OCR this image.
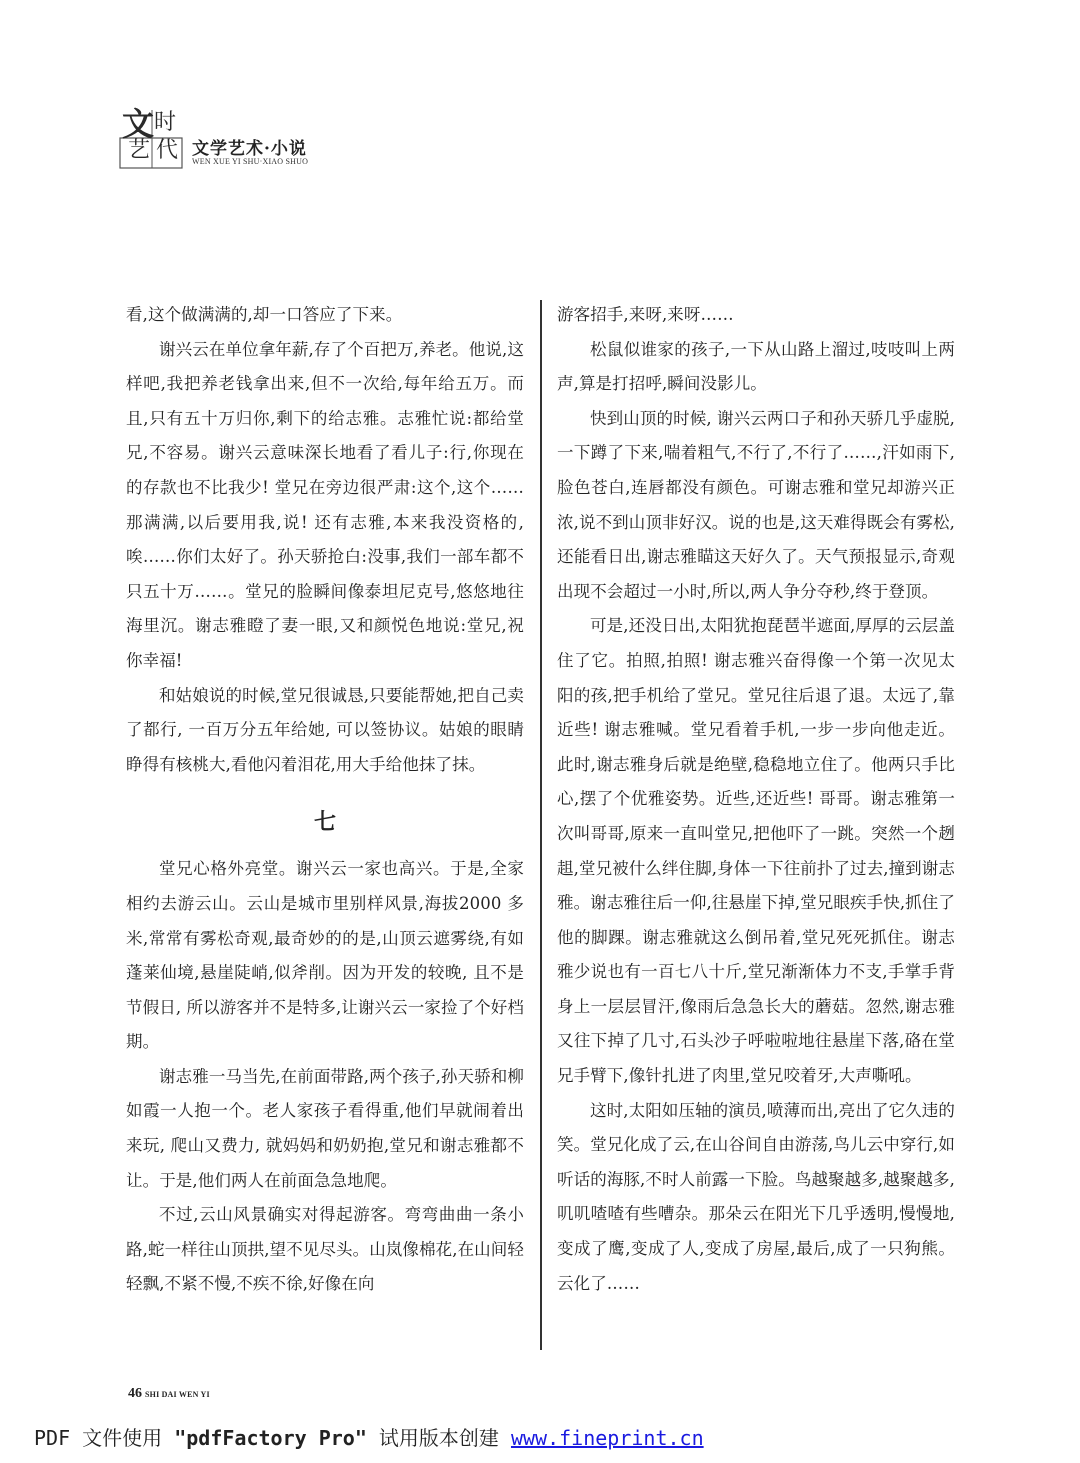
文 时
艺 代 文学艺术·小说
WEN XUE YI SHU·XIAO SHUO

看,这个做满满的,却一口答应了下来。

谢兴云在单位拿年薪,存了个百把万,养老。他说,这样吧,我把养老钱拿出来,但不一次给,每年给五万。而且,只有五十万归你,剩下的给志雅。志雅忙说:都给堂兄,不容易。谢兴云意味深长地看了看儿子:行,你现在的存款也不比我少! 堂兄在旁边很严肃:这个,这个……那满满,以后要用我,说! 还有志雅,本来我没资格的,唉……你们太好了。孙天骄抢白:没事,我们一部车都不只五十万……。堂兄的脸瞬间像泰坦尼克号,悠悠地往海里沉。谢志雅瞪了妻一眼,又和颜悦色地说:堂兄,祝你幸福!

和姑娘说的时候,堂兄很诚恳,只要能帮她,把自己卖了都行, 一百万分五年给她, 可以签协议。姑娘的眼睛睁得有核桃大,看他闪着泪花,用大手给他抹了抹。

七

堂兄心格外亮堂。谢兴云一家也高兴。于是,全家相约去游云山。云山是城市里别样风景,海拔2000 多米,常常有雾松奇观,最奇妙的的是,山顶云遮雾绕,有如蓬莱仙境,悬崖陡峭,似斧削。因为开发的较晚, 且不是节假日, 所以游客并不是特多,让谢兴云一家捡了个好档期。

谢志雅一马当先,在前面带路,两个孩子,孙天骄和柳如霞一人抱一个。老人家孩子看得重,他们早就闹着出来玩, 爬山又费力, 就妈妈和奶奶抱,堂兄和谢志雅都不让。于是,他们两人在前面急急地爬。

不过,云山风景确实对得起游客。弯弯曲曲一条小路,蛇一样往山顶拱,望不见尽头。山岚像棉花,在山间轻轻飘,不紧不慢,不疾不徐,好像在向

游客招手,来呀,来呀……

松鼠似谁家的孩子,一下从山路上溜过,吱吱叫上两声,算是打招呼,瞬间没影儿。

快到山顶的时候, 谢兴云两口子和孙天骄几乎虚脱,一下蹲了下来,喘着粗气,不行了,不行了……,汗如雨下,脸色苍白,连唇都没有颜色。可谢志雅和堂兄却游兴正浓,说不到山顶非好汉。说的也是,这天难得既会有雾松,还能看日出,谢志雅瞄这天好久了。天气预报显示,奇观出现不会超过一小时,所以,两人争分夺秒,终于登顶。

可是,还没日出,太阳犹抱琵琶半遮面,厚厚的云层盖住了它。拍照,拍照! 谢志雅兴奋得像一个第一次见太阳的孩,把手机给了堂兄。堂兄往后退了退。太远了,靠近些! 谢志雅喊。堂兄看着手机,一步一步向他走近。此时,谢志雅身后就是绝壁,稳稳地立住了。他两只手比心,摆了个优雅姿势。近些,还近些! 哥哥。谢志雅第一次叫哥哥,原来一直叫堂兄,把他吓了一跳。突然一个趔趄,堂兄被什么绊住脚,身体一下往前扑了过去,撞到谢志雅。谢志雅往后一仰,往悬崖下掉,堂兄眼疾手快,抓住了他的脚踝。谢志雅就这么倒吊着,堂兄死死抓住。谢志雅少说也有一百七八十斤,堂兄渐渐体力不支,手掌手背身上一层层冒汗,像雨后急急长大的蘑菇。忽然,谢志雅又往下掉了几寸,石头沙子呼啦啦地往悬崖下落,硌在堂兄手臂下,像针扎进了肉里,堂兄咬着牙,大声嘶吼。

这时,太阳如压轴的演员,喷薄而出,亮出了它久违的笑。堂兄化成了云,在山谷间自由游荡,鸟儿云中穿行,如听话的海豚,不时人前露一下脸。鸟越聚越多,越聚越多,叽叽喳喳有些嘈杂。那朵云在阳光下几乎透明,慢慢地,变成了鹰,变成了人,变成了房屋,最后,成了一只狗熊。云化了……

46 SHI DAI WEN YI
PDF 文件使用 "pdfFactory Pro" 试用版本创建 www.fineprint.cn
